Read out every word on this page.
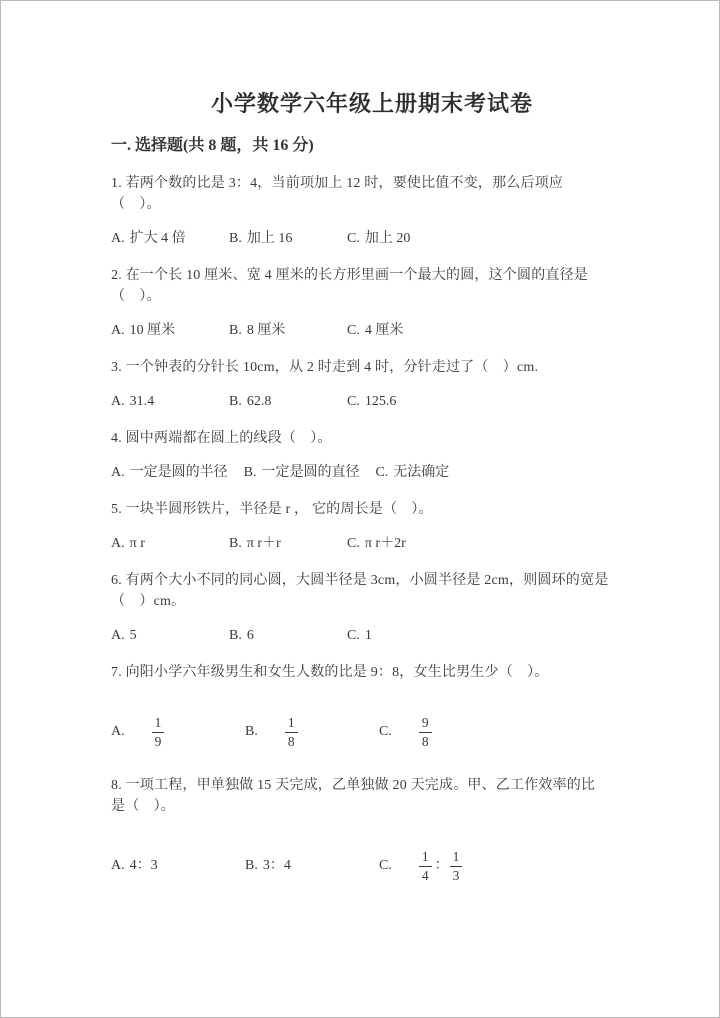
小学数学六年级上册期末考试卷
一. 选择题(共 8 题，共 16 分)
1. 若两个数的比是 3：4，当前项加上 12 时，要使比值不变，那么后项应
（　）。
A. 扩大 4 倍	B. 加上 16	C. 加上 20
2. 在一个长 10 厘米、宽 4 厘米的长方形里画一个最大的圆，这个圆的直径是
（　）。
A. 10 厘米	B. 8 厘米	C. 4 厘米
3. 一个钟表的分针长 10cm，从 2 时走到 4 时，分针走过了（　）cm.
A. 31.4	B. 62.8	C. 125.6
4. 圆中两端都在圆上的线段（　）。
A. 一定是圆的半径 B. 一定是圆的直径 C. 无法确定
5. 一块半圆形铁片，半径是 r ， 它的周长是（　）。
A. π r	B. π r＋r	C. π r＋2r
6. 有两个大小不同的同心圆，大圆半径是 3cm，小圆半径是 2cm，则圆环的宽是
（　）cm。
A. 5	B. 6	C. 1
7. 向阳小学六年级男生和女生人数的比是 9：8，女生比男生少（　）。
A. $\frac{1}{9}$	B. $\frac{1}{8}$	C. $\frac{9}{8}$
8. 一项工程，甲单独做 15 天完成，乙单独做 20 天完成。甲、乙工作效率的比
是（　）。
A. 4：3	B. 3：4	C. $\frac{1}{4}$ ： $\frac{1}{3}$
